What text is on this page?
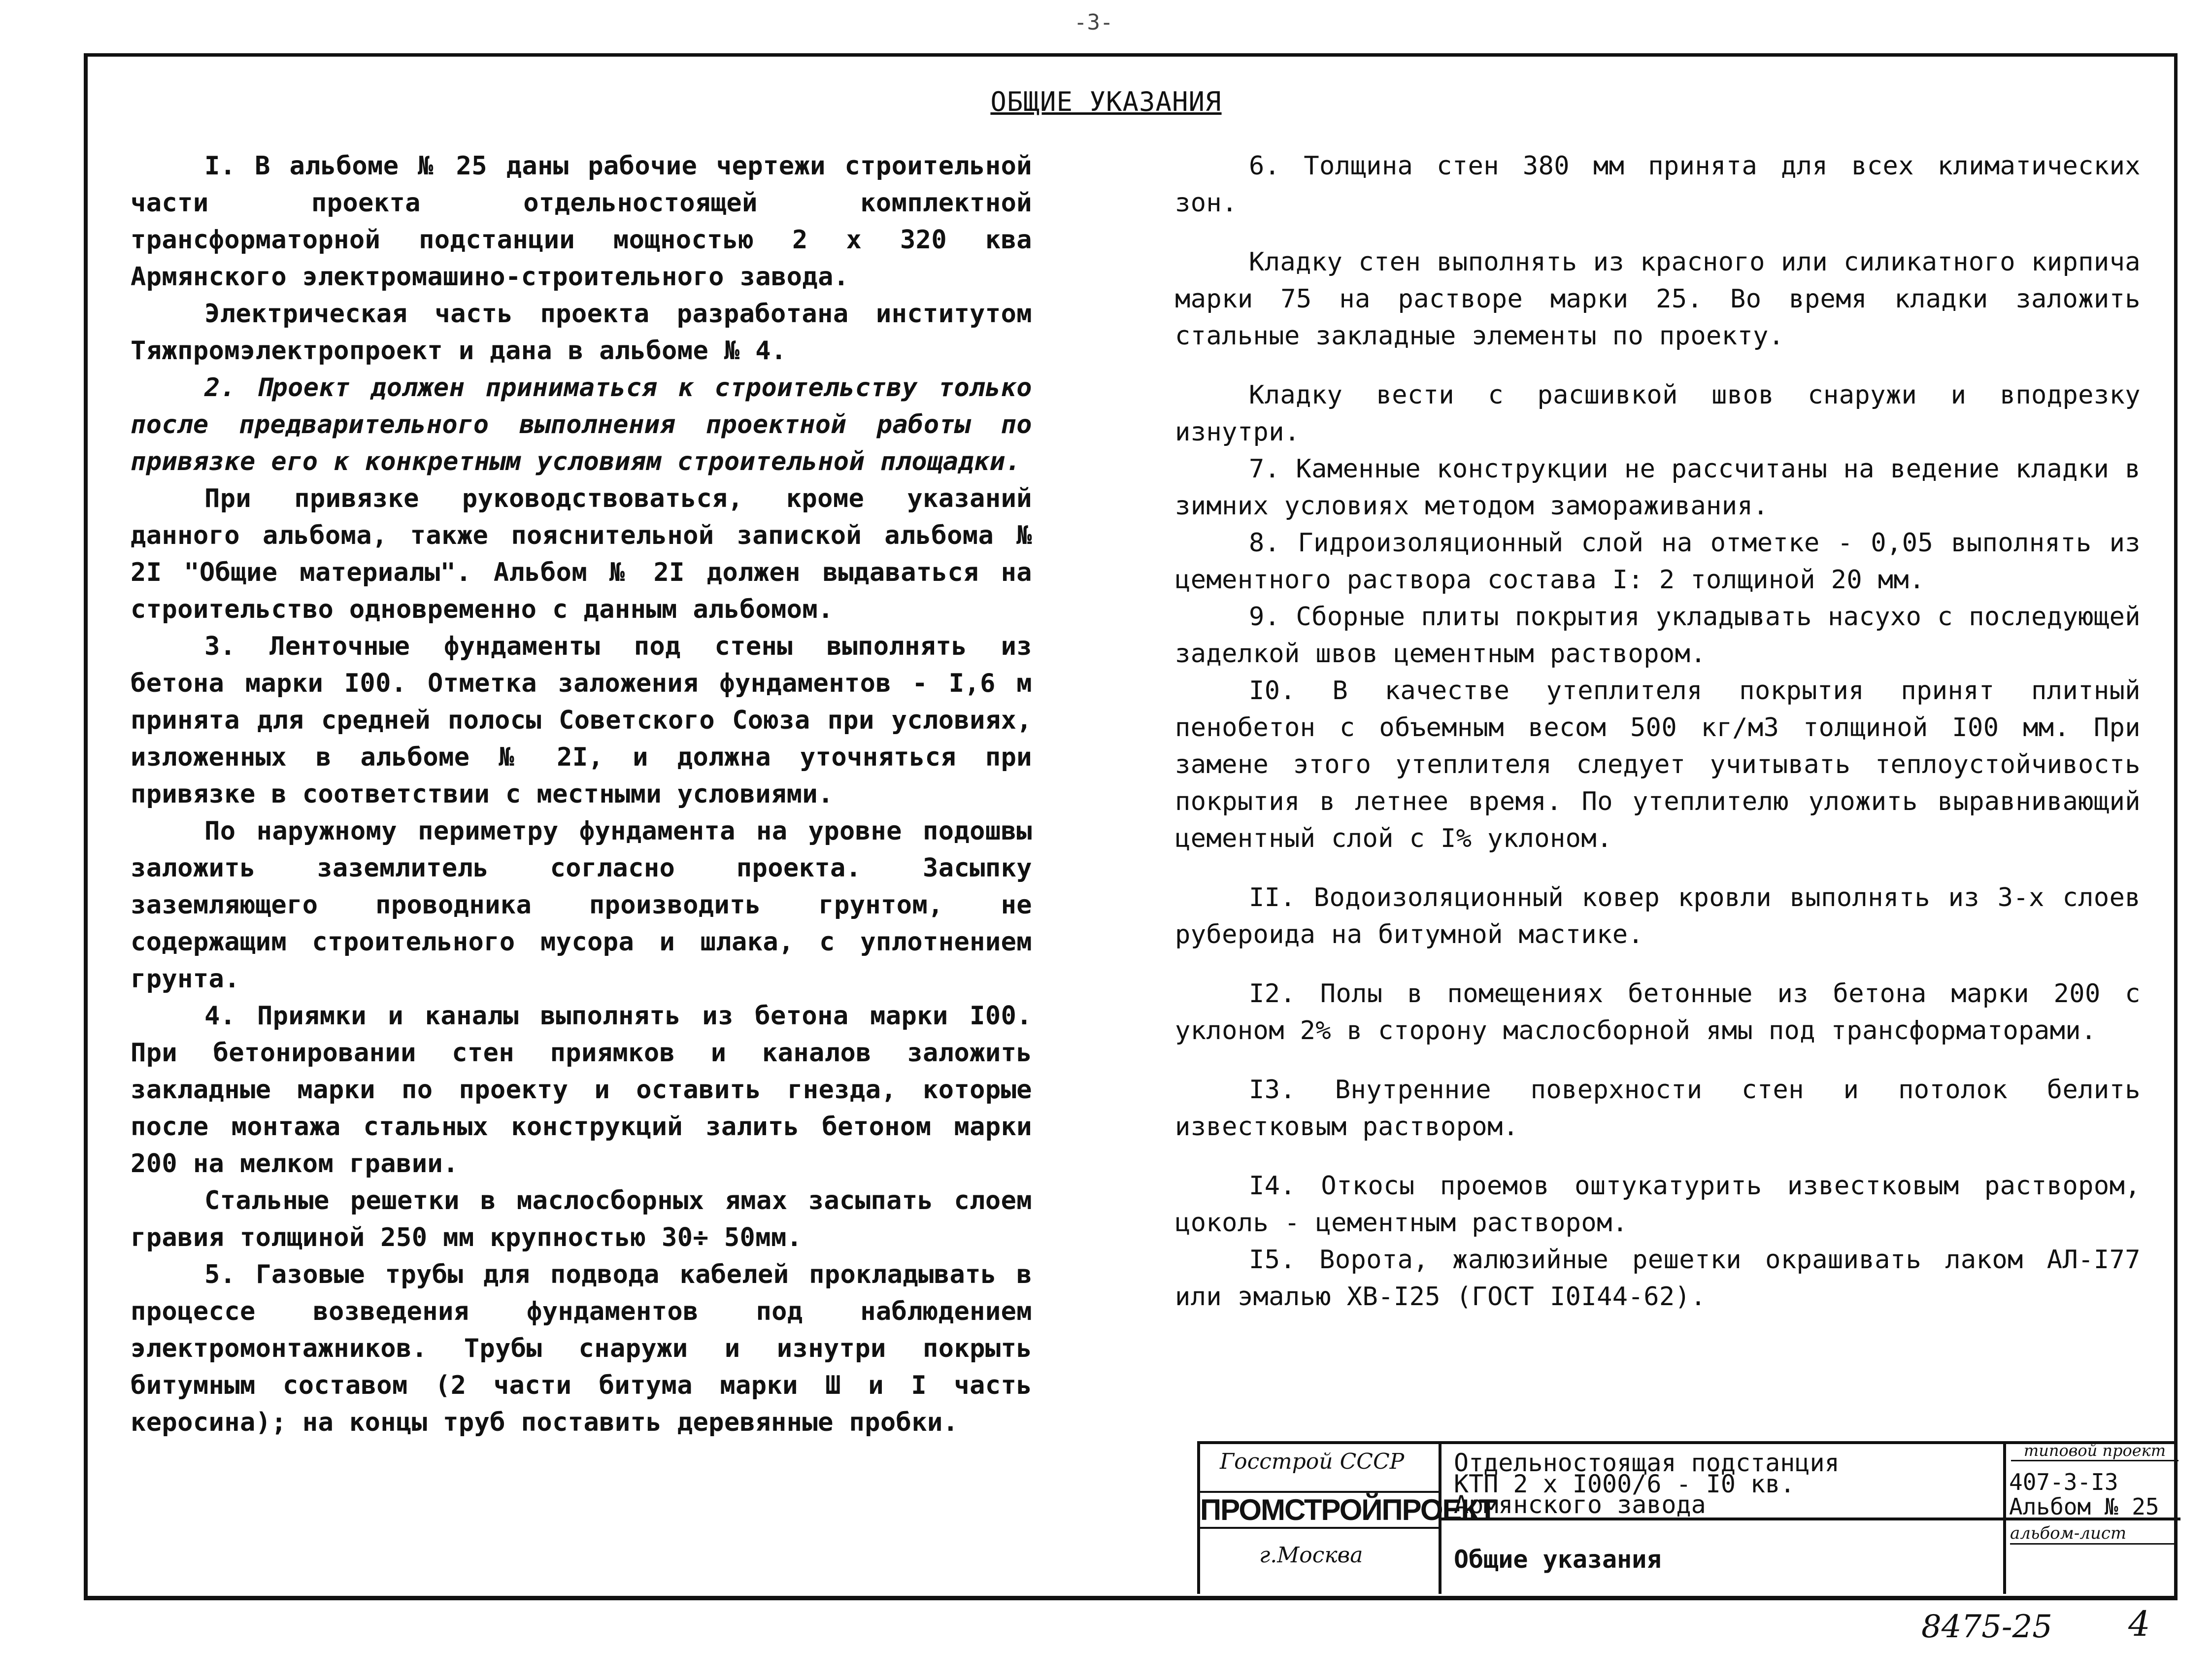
-3-
ОБЩИЕ УКАЗАНИЯ

I. В альбоме № 25 даны рабочие чертежи строительной части проекта отдельностоящей комплектной трансформаторной подстанции мощностью 2 х 320 ква Армянского электромашино-строительного завода.

Электрическая часть проекта разработана институтом Тяжпромэлектропроект и дана в альбоме № 4.

2. Проект должен приниматься к строительству только после предварительного выполнения проектной работы по привязке его к конкретным условиям строительной площадки.

При привязке руководствоваться, кроме указаний данного альбома, также пояснительной запиской альбома № 2I "Общие материалы". Альбом № 2I должен выдаваться на строительство одновременно с данным альбомом.

3. Ленточные фундаменты под стены выполнять из бетона марки I00. Отметка заложения фундаментов - I,6 м принята для средней полосы Советского Союза при условиях, изложенных в альбоме № 2I, и должна уточняться при привязке в соответствии с местными условиями.

По наружному периметру фундамента на уровне подошвы заложить заземлитель согласно проекта. Засыпку заземляющего проводника производить грунтом, не содержащим строительного мусора и шлака, с уплотнением грунта.

4. Приямки и каналы выполнять из бетона марки I00. При бетонировании стен приямков и каналов заложить закладные марки по проекту и оставить гнезда, которые после монтажа стальных конструкций залить бетоном марки 200 на мелком гравии.

Стальные решетки в маслосборных ямах засыпать слоем гравия толщиной 250 мм крупностью 30÷ 50мм.

5. Газовые трубы для подвода кабелей прокладывать в процессе возведения фундаментов под наблюдением электромонтажников. Трубы снаружи и изнутри покрыть битумным составом (2 части битума марки Ш и I часть керосина); на концы труб поставить деревянные пробки.

6. Толщина стен 380 мм принята для всех климатических зон.

Кладку стен выполнять из красного или силикатного кирпича марки 75 на растворе марки 25. Во время кладки заложить стальные закладные элементы по проекту.

Кладку вести с расшивкой швов снаружи и вподрезку изнутри.

7. Каменные конструкции не рассчитаны на ведение кладки в зимних условиях методом замораживания.

8. Гидроизоляционный слой на отметке - 0,05 выполнять из цементного раствора состава I: 2 толщиной 20 мм.

9. Сборные плиты покрытия укладывать насухо с последующей заделкой швов цементным раствором.

I0. В качестве утеплителя покрытия принят плитный пенобетон с объемным весом 500 кг/м3 толщиной I00 мм. При замене этого утеплителя следует учитывать теплоустойчивость покрытия в летнее время. По утеплителю уложить выравнивающий цементный слой с I% уклоном.

II. Водоизоляционный ковер кровли выполнять из 3-х слоев рубероида на битумной мастике.

I2. Полы в помещениях бетонные из бетона марки 200 с уклоном 2% в сторону маслосборной ямы под трансформаторами.

I3. Внутренние поверхности стен и потолок белить известковым раствором.

I4. Откосы проемов оштукатурить известковым раствором, цоколь - цементным раствором.

I5. Ворота, жалюзийные решетки окрашивать лаком АЛ-I77 или эмалью ХВ-I25 (ГОСТ I0I44-62).

Госстрой СССР
ПРОМСТРОЙПРОЕКТ
г.Москва
Отдельностоящая подстанция
КТП 2 х I000/6 - I0 кв.
Армянского завода
Общие указания
типовой проект
407-3-I3
Альбом № 25
альбом-лист
8475-25 4
